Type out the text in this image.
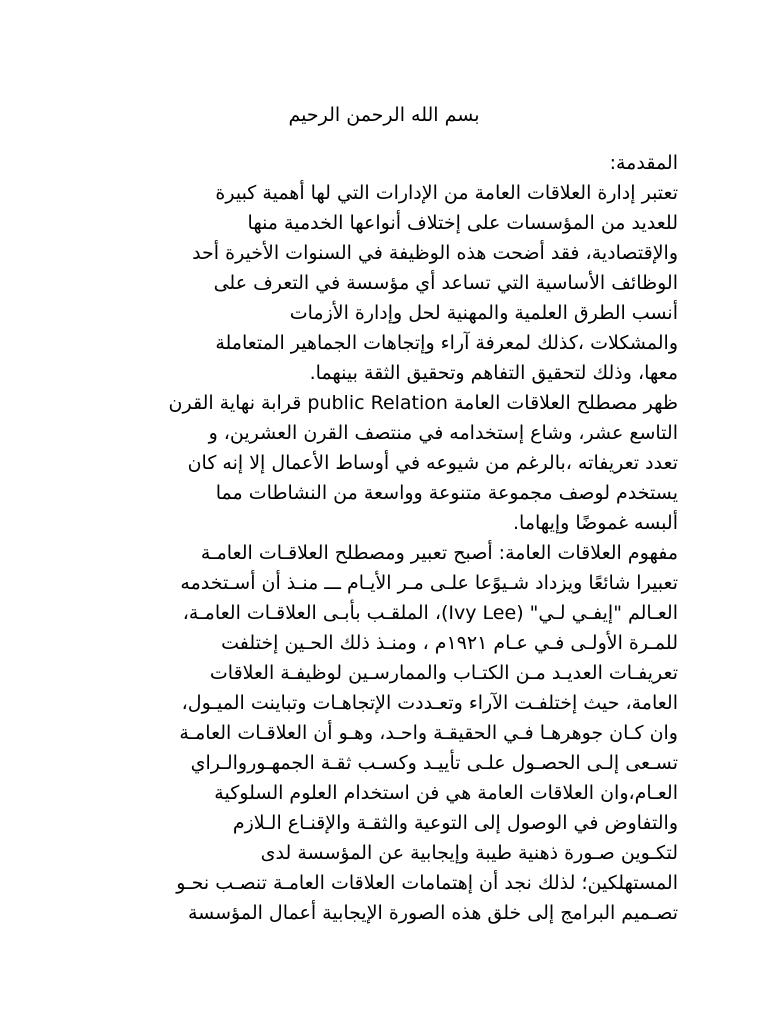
بسم الله الرحمن الرحيم
المقدمة:
تعتبر إدارة العلاقات العامة من الإدارات التي لها أهمية كبيرة
للعديد من المؤسسات على إختلاف أنواعها الخدمية منها
والإقتصادية، فقد أضحت هذه الوظيفة في السنوات الأخيرة أحد
الوظائف الأساسية التي تساعد أي مؤسسة في التعرف على
أنسب الطرق العلمية والمهنية لحل وإدارة الأزمات
والمشكلات ،كذلك لمعرفة آراء وإتجاهات الجماهير المتعاملة
معها، وذلك لتحقيق التفاهم وتحقيق الثقة بينهما.
ظهر مصطلح العلاقات العامة public Relation قرابة نهاية القرن
التاسع عشر، وشاع إستخدامه في منتصف القرن العشرين، و
تعدد تعريفاته ،بالرغم من شيوعه في أوساط الأعمال إلا إنه كان
يستخدم لوصف مجموعة متنوعة وواسعة من النشاطات مما
ألبسه غموضًا وإيهاما.
مفهوم العلاقات العامة: أصبح تعبير ومصطلح العلاقـات العامـة
تعبيرا شائعًا ويزداد شـيوًعا علـى مـر الأيـام ـــ منـذ أن أسـتخدمه
العـالم "إيفـي لـي" (Ivy Lee)، الملقـب بأبـى العلاقـات العامـة،
للمـرة الأولـى فـي عـام ١٩٢١م ، ومنـذ ذلك الحـين إختلفت
تعريفـات العديـد مـن الكتـاب والممارسـين لوظيفـة العلاقات
العامة، حيث إختلفـت الآراء وتعـددت الإتجاهـات وتباينت الميـول،
وان كـان جوهرهـا فـي الحقيقـة واحـد، وهـو أن العلاقـات العامـة
تسـعى إلـى الحصـول علـى تأييـد وكسـب ثقـة الجمهـوروالـراي
العـام،وان العلاقات العامة هي فن استخدام العلوم السلوكية
والتفاوض في الوصول إلى التوعية والثقـة والإقنـاع الـلازم
لتكـوين صـورة ذهنية طيبة وإيجابية عن المؤسسة لدى
المستهلكين؛ لذلك نجد أن إهتمامات العلاقات العامـة تنصـب نحـو
تصـميم البرامج إلى خلق هذه الصورة الإيجابية أعمال المؤسسة
